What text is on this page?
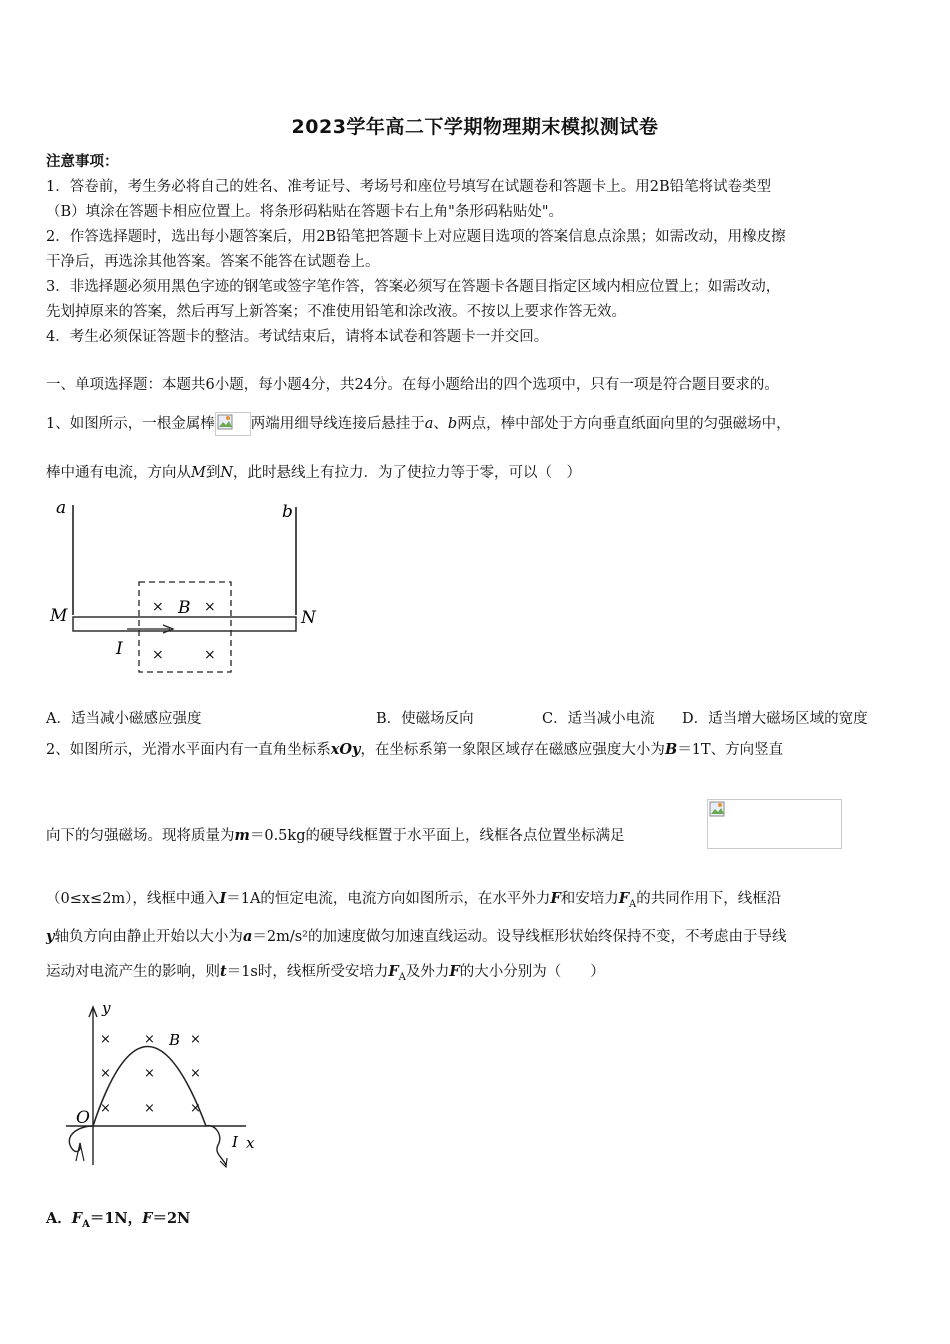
2023学年高二下学期物理期末模拟测试卷
注意事项：
1．答卷前，考生务必将自己的姓名、准考证号、考场号和座位号填写在试题卷和答题卡上。用2B铅笔将试卷类型
（B）填涂在答题卡相应位置上。将条形码粘贴在答题卡右上角"条形码粘贴处"。
2．作答选择题时，选出每小题答案后，用2B铅笔把答题卡上对应题目选项的答案信息点涂黑；如需改动，用橡皮擦
干净后，再选涂其他答案。答案不能答在试题卷上。
3．非选择题必须用黑色字迹的钢笔或签字笔作答，答案必须写在答题卡各题目指定区域内相应位置上；如需改动，
先划掉原来的答案，然后再写上新答案；不准使用铅笔和涂改液。不按以上要求作答无效。
4．考生必须保证答题卡的整洁。考试结束后，请将本试卷和答题卡一并交回。
一、单项选择题：本题共6小题，每小题4分，共24分。在每小题给出的四个选项中，只有一项是符合题目要求的。
1、如图所示，一根金属棒 两端用细导线连接后悬挂于a、b两点，棒中部处于方向垂直纸面向里的匀强磁场中，
棒中通有电流，方向从M到N，此时悬线上有拉力．为了使拉力等于零，可以（　）
a	b
M	N
× B ×
×	×
I
A．适当减小磁感应强度	B．使磁场反向	C．适当减小电流 D．适当增大磁场区域的宽度
2、如图所示，光滑水平面内有一直角坐标系xOy，在坐标系第一象限区域存在磁感应强度大小为B＝1T、方向竖直
向下的匀强磁场。现将质量为m＝0.5kg的硬导线框置于水平面上，线框各点位置坐标满足
（0≤x≤2m），线框中通入I＝1A的恒定电流，电流方向如图所示，在水平外力F和安培力$F_A$的共同作用下，线框沿
y轴负方向由静止开始以大小为a＝2m/s²的加速度做匀加速直线运动。设导线框形状始终保持不变，不考虑由于导线
运动对电流产生的影响，则t＝1s时，线框所受安培力$F_A$及外力F的大小分别为（　　）
y
x
O
I
×	× B ×
×	×	×
×	×	×
A．$F_A=1N$，F＝2N
